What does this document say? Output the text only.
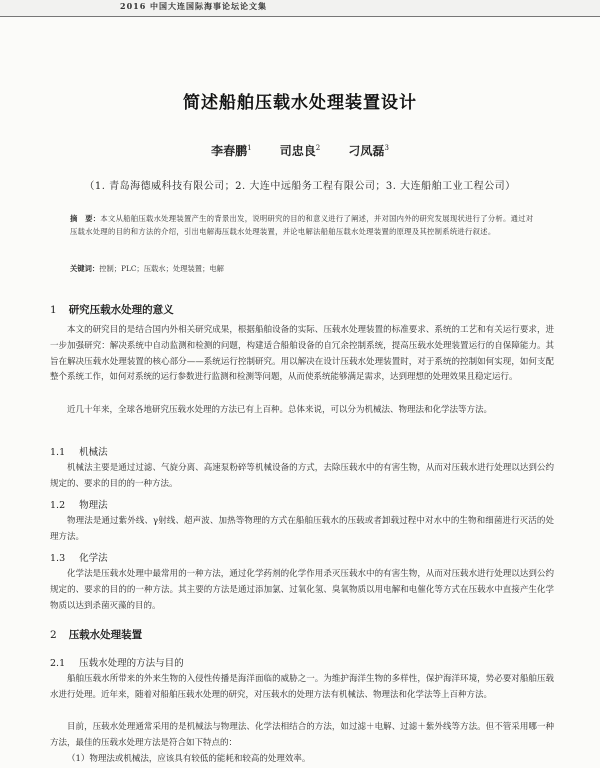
2016 中国大连国际海事论坛论文集
简述船舶压载水处理装置设计
李春鹏$^1$ 司忠良$^2$ 刁凤磊$^3$
（1. 青岛海德威科技有限公司；2. 大连中远船务工程有限公司；3. 大连船舶工业工程公司）
摘　要：本文从船舶压载水处理装置产生的背景出发，说明研究的目的和意义进行了阐述，并对国内外的研究发展现状进行了分析。通过对压载水处理的目的和方法的介绍，引出电解海压载水处理装置，并论电解法船舶压载水处理装置的原理及其控制系统进行叙述。
关键词：控制；PLC；压载水；处理装置；电解
1 研究压载水处理的意义
本文的研究目的是结合国内外相关研究成果，根据船舶设备的实际、压载水处理装置的标准要求、系统的工艺和有关运行要求，进一步加强研究：解决系统中自动监测和检测的问题，构建适合船舶设备的自冗余控制系统，提高压载水处理装置运行的自保障能力。其旨在解决压载水处理装置的核心部分——系统运行控制研究。用以解决在设计压载水处理装置时，对于系统的控制如何实现，如何支配整个系统工作，如何对系统的运行参数进行监测和检测等问题，从而使系统能够满足需求，达到理想的处理效果且稳定运行。
近几十年来，全球各地研究压载水处理的方法已有上百种。总体来说，可以分为机械法、物理法和化学法等方法。
1.1 机械法
机械法主要是通过过滤、气旋分离、高速泵粉碎等机械设备的方式，去除压载水中的有害生物，从而对压载水进行处理以达到公约规定的、要求的目的的一种方法。
1.2 物理法
物理法是通过紫外线、γ射线、超声波、加热等物理的方式在船舶压载水的压载或者卸载过程中对水中的生物和细菌进行灭活的处理方法。
1.3 化学法
化学法是压载水处理中最常用的一种方法，通过化学药剂的化学作用杀灭压载水中的有害生物，从而对压载水进行处理以达到公约规定的、要求的目的的一种方法。其主要的方法是通过添加氯、过氧化氢、臭氧物质以用电解和电催化等方式在压载水中直接产生化学物质以达到杀菌灭藻的目的。
2 压载水处理装置
2.1 压载水处理的方法与目的
船舶压载水所带来的外来生物的入侵性传播是海洋面临的威胁之一。为维护海洋生物的多样性，保护海洋环境，势必要对船舶压载水进行处理。近年来，随着对船舶压载水处理的研究，对压载水的处理方法有机械法、物理法和化学法等上百种方法。
目前，压载水处理通常采用的是机械法与物理法、化学法相结合的方法，如过滤＋电解、过滤＋紫外线等方法。但不管采用哪一种方法，最佳的压载水处理方法是符合如下特点的：
（1）物理法或机械法，应该具有较低的能耗和较高的处理效率。
